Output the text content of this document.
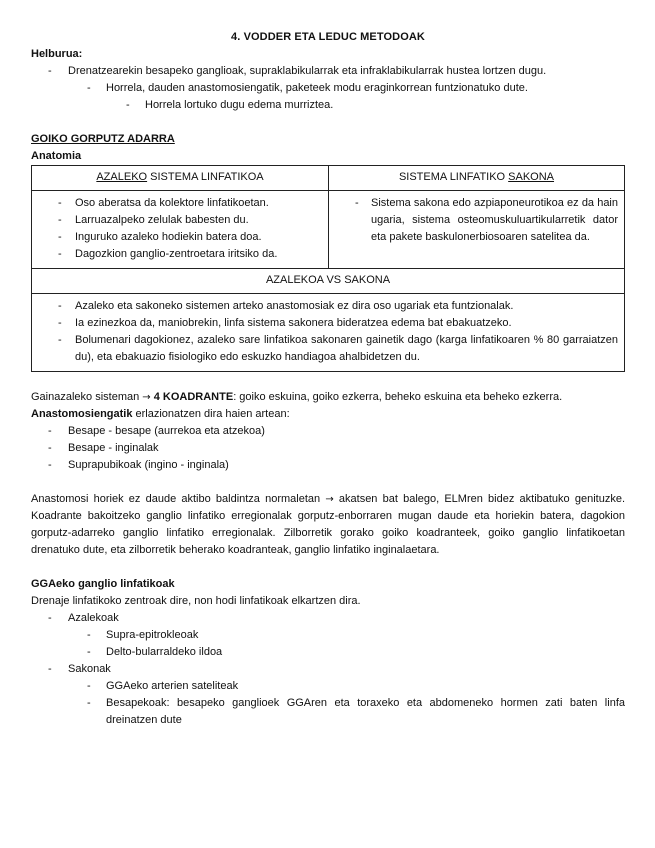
4. VODDER ETA LEDUC METODOAK
Helburua:
- Drenatzearekin besapeko ganglioak, supraklabikularrak eta infraklabikularrak hustea lortzen dugu.
- Horrela, dauden anastomosiengatik, paketeek modu eraginkorrean funtzionatuko dute.
- Horrela lortuko dugu edema murriztea.
GOIKO GORPUTZ ADARRA
Anatomia
AZALEKO SISTEMA LINFATIKOA	SISTEMA LINFATIKO SAKONA

- Oso aberatsa da kolektore linfatikoetan.
- Larruazalpeko zelulak babesten du.
- Inguruko azaleko hodiekin batera doa.
- Dagozkion ganglio-zentroetara iritsiko da.	- Sistema sakona edo azpiaponeurotikoa ez da hain ugaria, sistema osteomuskuluartikularretik dator eta pakete baskulonerbiosoaren satelitea da.

AZALEKOA VS SAKONA	

- Azaleko eta sakoneko sistemen arteko anastomosiak ez dira oso ugariak eta funtzionalak.
- Ia ezinezkoa da, maniobrekin, linfa sistema sakonera bideratzea edema bat ebakuatzeko.
- Bolumenari dagokionez, azaleko sare linfatikoa sakonaren gainetik dago (karga linfatikoaren % 80 garraiatzen du), eta ebakuazio fisiologiko edo eskuzko handiagoa ahalbidetzen du.
Gainazaleko sisteman → 4 KOADRANTE: goiko eskuina, goiko ezkerra, beheko eskuina eta beheko ezkerra.
Anastomosiengatik erlazionatzen dira haien artean:
- Besape - besape (aurrekoa eta atzekoa)
- Besape - inginalak
- Suprapubikoak (ingino - inginala)
Anastomosi horiek ez daude aktibo baldintza normaletan → akatsen bat balego, ELMren bidez aktibatuko genituzke. Koadrante bakoitzeko ganglio linfatiko erregionalak gorputz-enborraren mugan daude eta horiekin batera, dagokion gorputz-adarreko ganglio linfatiko erregionalak. Zilborretik gorako goiko koadranteek, goiko ganglio linfatikoetan drenatuko dute, eta zilborretik beherako koadranteak, ganglio linfatiko inginalaetara.
GGAeko ganglio linfatikoak
Drenaje linfatikoko zentroak dire, non hodi linfatikoak elkartzen dira.
- Azalekoak
- Supra-epitrokleoak
- Delto-bularraldeko ildoa
- Sakonak
- GGAeko arterien sateliteak
- Besapekoak: besapeko ganglioek GGAren eta toraxeko eta abdomeneko hormen zati baten linfa dreinatzen dute
